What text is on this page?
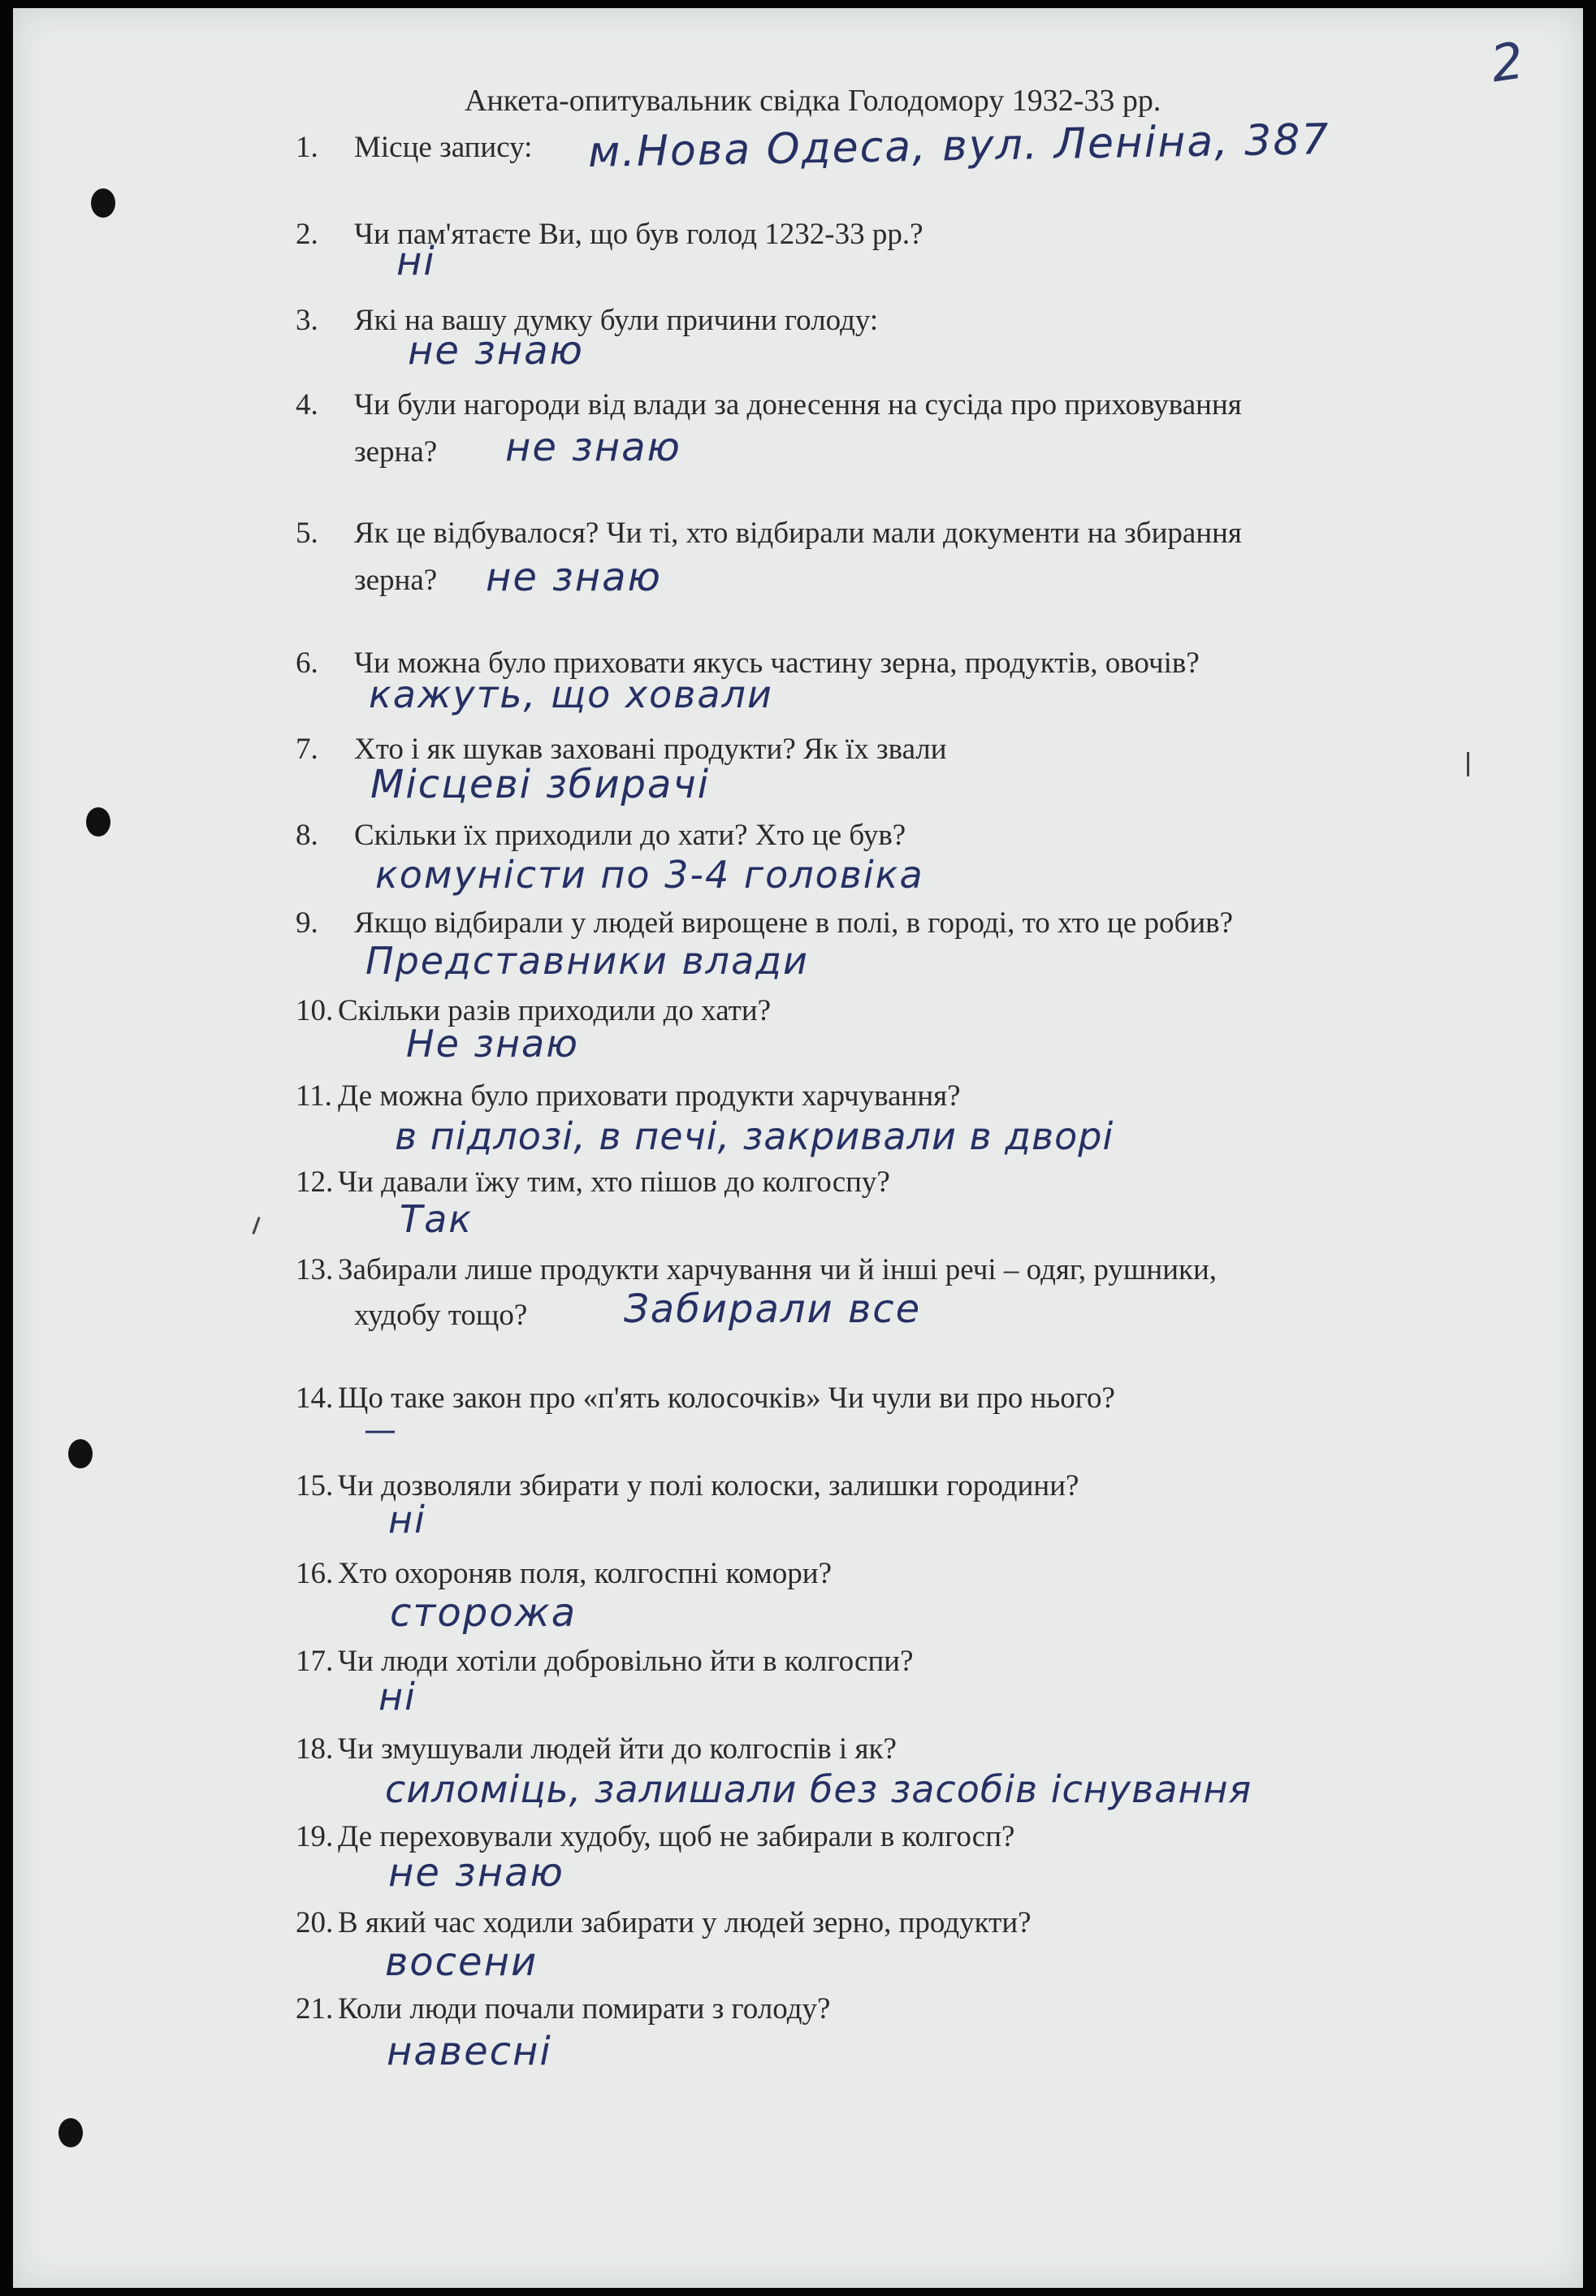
2
Анкета-опитувальник свідка Голодомору 1932-33 рр.
1. Місце запису: м.Нова Одеса, вул. Леніна, 387
2. Чи пам'ятаєте Ви, що був голод 1232-33 рр.?
ні
3. Які на вашу думку були причини голоду:
не знаю
4. Чи були нагороди від влади за донесення на сусіда про приховування
зерна? не знаю
5. Як це відбувалося? Чи ті, хто відбирали мали документи на збирання
зерна? не знаю
6. Чи можна було приховати якусь частину зерна, продуктів, овочів?
кажуть, що ховали
7. Хто і як шукав заховані продукти? Як їх звали
Місцеві збирачі
8. Скільки їх приходили до хати? Хто це був?
комуністи по 3-4 головіка
9. Якщо відбирали у людей вирощене в полі, в городі, то хто це робив?
Представники влади
10. Скільки разів приходили до хати?
Не знаю
11. Де можна було приховати продукти харчування?
в підлозі, в печі, закривали в дворі
12. Чи давали їжу тим, хто пішов до колгоспу?
Так
13. Забирали лише продукти харчування чи й інші речі – одяг, рушники,
худобу тощо? Забирали все
14. Що таке закон про «п'ять колосочків» Чи чули ви про нього?
—
15. Чи дозволяли збирати у полі колоски, залишки городини?
ні
16. Хто охороняв поля, колгоспні комори?
сторожа
17. Чи люди хотіли добровільно йти в колгоспи?
ні
18. Чи змушували людей йти до колгоспів і як?
силоміць, залишали без засобів існування
19. Де переховували худобу, щоб не забирали в колгосп?
не знаю
20. В який час ходили забирати у людей зерно, продукти?
восени
21. Коли люди почали помирати з голоду?
навесні
